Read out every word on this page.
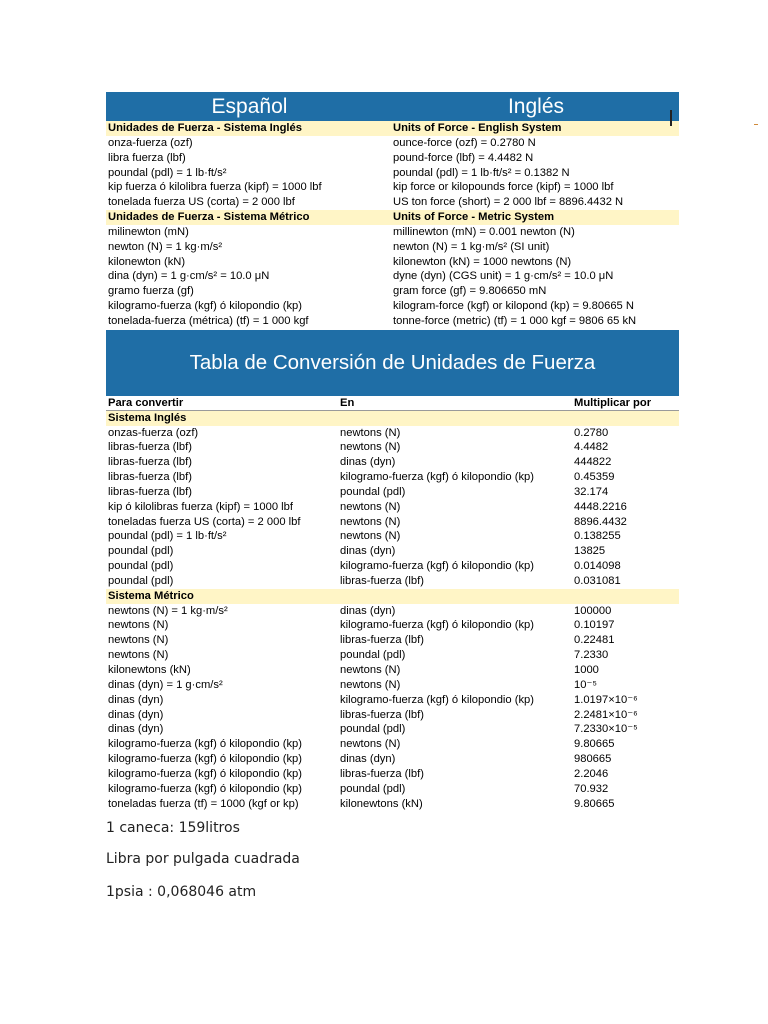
Español	Inglés
Unidades de Fuerza - Sistema Inglés	Units of Force - English System
onza-fuerza (ozf)	ounce-force (ozf) = 0.2780 N
libra fuerza (lbf)	pound-force (lbf) = 4.4482 N
poundal (pdl) = 1 lb·ft/s²	poundal (pdl) = 1 lb·ft/s² = 0.1382 N
kip fuerza ó kilolibra fuerza (kipf) = 1000 lbf	kip force or kilopounds force (kipf) = 1000 lbf
tonelada fuerza US (corta) = 2 000 lbf	US ton force (short) = 2 000 lbf = 8896.4432 N
Unidades de Fuerza - Sistema Métrico	Units of Force - Metric System
milinewton (mN)	millinewton (mN) = 0.001 newton (N)
newton (N) = 1 kg·m/s²	newton (N) = 1 kg·m/s² (SI unit)
kilonewton (kN)	kilonewton (kN) = 1000 newtons (N)
dina (dyn) = 1 g·cm/s² = 10.0 μN	dyne (dyn) (CGS unit) = 1 g·cm/s² = 10.0 μN
gramo fuerza (gf)	gram force (gf) = 9.806650 mN
kilogramo-fuerza (kgf) ó kilopondio (kp)	kilogram-force (kgf) or kilopond (kp) = 9.80665 N
tonelada-fuerza (métrica) (tf) = 1 000 kgf	tonne-force (metric) (tf) = 1 000 kgf = 9806 65 kN
Tabla de Conversión de Unidades de Fuerza
Para convertir	En	Multiplicar por
Sistema Inglés
onzas-fuerza (ozf)	newtons (N)	0.2780
libras-fuerza (lbf)	newtons (N)	4.4482
libras-fuerza (lbf)	dinas (dyn)	444822
libras-fuerza (lbf)	kilogramo-fuerza (kgf) ó kilopondio (kp)	0.45359
libras-fuerza (lbf)	poundal (pdl)	32.174
kip ó kilolibras fuerza (kipf) = 1000 lbf	newtons (N)	4448.2216
toneladas fuerza US (corta) = 2 000 lbf	newtons (N)	8896.4432
poundal (pdl) = 1 lb·ft/s²	newtons (N)	0.138255
poundal (pdl)	dinas (dyn)	13825
poundal (pdl)	kilogramo-fuerza (kgf) ó kilopondio (kp)	0.014098
poundal (pdl)	libras-fuerza (lbf)	0.031081
Sistema Métrico
newtons (N) = 1 kg·m/s²	dinas (dyn)	100000
newtons (N)	kilogramo-fuerza (kgf) ó kilopondio (kp)	0.10197
newtons (N)	libras-fuerza (lbf)	0.22481
newtons (N)	poundal (pdl)	7.2330
kilonewtons (kN)	newtons (N)	1000
dinas (dyn) = 1 g·cm/s²	newtons (N)	10⁻⁵
dinas (dyn)	kilogramo-fuerza (kgf) ó kilopondio (kp)	1.0197×10⁻⁶
dinas (dyn)	libras-fuerza (lbf)	2.2481×10⁻⁶
dinas (dyn)	poundal (pdl)	7.2330×10⁻⁵
kilogramo-fuerza (kgf) ó kilopondio (kp)	newtons (N)	9.80665
kilogramo-fuerza (kgf) ó kilopondio (kp)	dinas (dyn)	980665
kilogramo-fuerza (kgf) ó kilopondio (kp)	libras-fuerza (lbf)	2.2046
kilogramo-fuerza (kgf) ó kilopondio (kp)	poundal (pdl)	70.932
toneladas fuerza (tf) = 1000 (kgf or kp)	kilonewtons (kN)	9.80665

1 caneca: 159litros

Libra por pulgada cuadrada

1psia : 0,068046 atm
